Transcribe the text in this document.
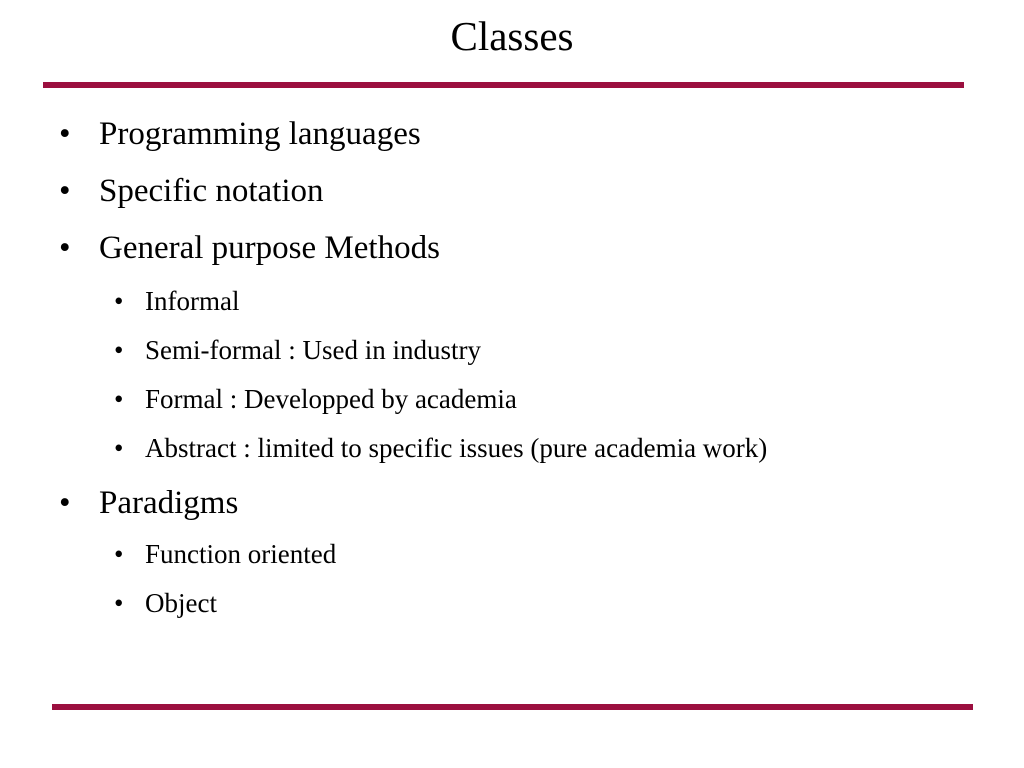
Classes
• Programming languages
• Specific notation
• General purpose Methods
• Informal
• Semi-formal : Used in industry
• Formal : Developped by academia
• Abstract : limited to specific issues (pure academia work)
• Paradigms
• Function oriented
• Object
